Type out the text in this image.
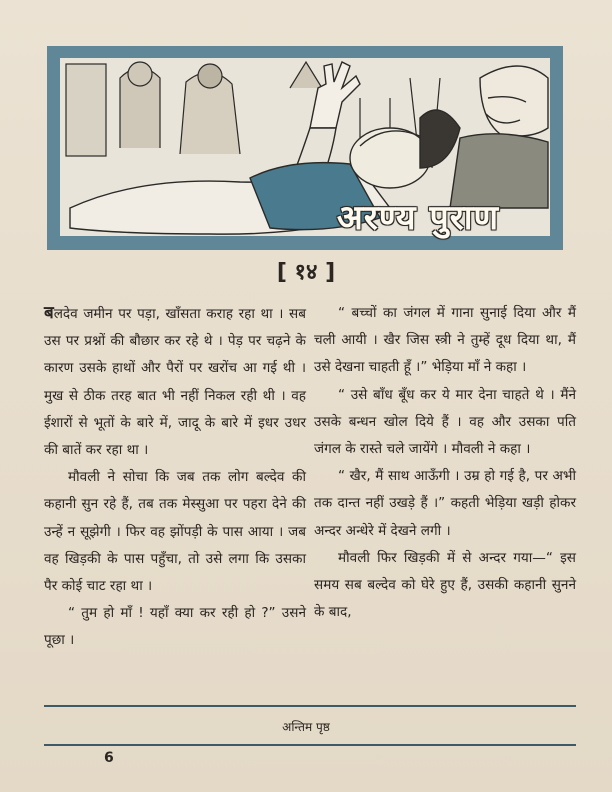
अरण्य पुराण
[ १४ ]

बलदेव जमीन पर पड़ा, खाँसता कराह रहा था । सब उस पर प्रश्नों की बौछार कर रहे थे । पेड़ पर चढ़ने के कारण उसके हाथों और पैरों पर खरोंच आ गई थी । मुख से ठीक तरह बात भी नहीं निकल रही थी । वह ईशारों से भूतों के बारे में, जादू के बारे में इधर उधर की बातें कर रहा था ।

मौवली ने सोचा कि जब तक लोग बल्देव की कहानी सुन रहे हैं, तब तक मेस्सुआ पर पहरा देने की उन्हें न सूझेगी । फिर वह झोंपड़ी के पास आया । जब वह खिड़की के पास पहुँचा, तो उसे लगा कि उसका पैर कोई चाट रहा था ।

“ तुम हो माँ ! यहाँ क्या कर रही हो ?” उसने पूछा ।

“ बच्चों का जंगल में गाना सुनाई दिया और मैं चली आयी । खैर जिस स्त्री ने तुम्हें दूध दिया था, मैं उसे देखना चाहती हूँ ।” भेड़िया माँ ने कहा ।

“ उसे बाँध बूँध कर ये मार देना चाहते थे । मैंने उसके बन्धन खोल दिये हैं । वह और उसका पति जंगल के रास्ते चले जायेंगे । मौवली ने कहा ।

“ खैर, मैं साथ आऊँगी । उम्र हो गई है, पर अभी तक दान्त नहीं उखड़े हैं ।” कहती भेड़िया खड़ी होकर अन्दर अन्धेरे में देखने लगी ।

मौवली फिर खिड़की में से अन्दर गया—“ इस समय सब बल्देव को घेरे हुए हैं, उसकी कहानी सुनने के बाद,

अन्तिम पृष्ठ
6
